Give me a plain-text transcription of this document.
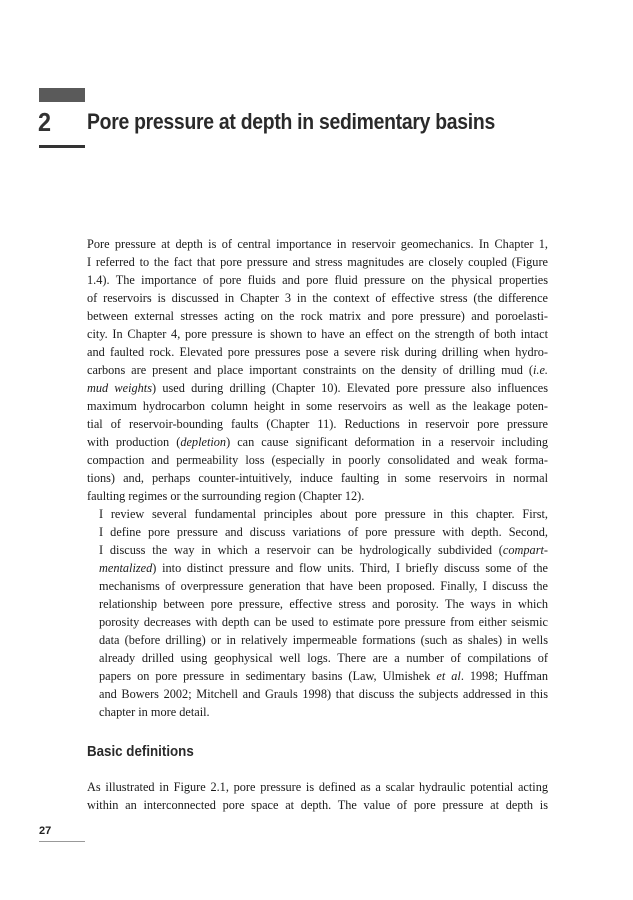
2 Pore pressure at depth in sedimentary basins

Pore pressure at depth is of central importance in reservoir geomechanics. In Chapter 1,
I referred to the fact that pore pressure and stress magnitudes are closely coupled (Figure
1.4). The importance of pore fluids and pore fluid pressure on the physical properties
of reservoirs is discussed in Chapter 3 in the context of effective stress (the difference
between external stresses acting on the rock matrix and pore pressure) and poroelasti-
city. In Chapter 4, pore pressure is shown to have an effect on the strength of both intact
and faulted rock. Elevated pore pressures pose a severe risk during drilling when hydro-
carbons are present and place important constraints on the density of drilling mud (i.e.
mud weights) used during drilling (Chapter 10). Elevated pore pressure also influences
maximum hydrocarbon column height in some reservoirs as well as the leakage poten-
tial of reservoir-bounding faults (Chapter 11). Reductions in reservoir pore pressure
with production (depletion) can cause significant deformation in a reservoir including
compaction and permeability loss (especially in poorly consolidated and weak forma-
tions) and, perhaps counter-intuitively, induce faulting in some reservoirs in normal
faulting regimes or the surrounding region (Chapter 12).

I review several fundamental principles about pore pressure in this chapter. First,
I define pore pressure and discuss variations of pore pressure with depth. Second,
I discuss the way in which a reservoir can be hydrologically subdivided (compart-
mentalized) into distinct pressure and flow units. Third, I briefly discuss some of the
mechanisms of overpressure generation that have been proposed. Finally, I discuss the
relationship between pore pressure, effective stress and porosity. The ways in which
porosity decreases with depth can be used to estimate pore pressure from either seismic
data (before drilling) or in relatively impermeable formations (such as shales) in wells
already drilled using geophysical well logs. There are a number of compilations of
papers on pore pressure in sedimentary basins (Law, Ulmishek et al. 1998; Huffman
and Bowers 2002; Mitchell and Grauls 1998) that discuss the subjects addressed in this
chapter in more detail.

Basic definitions
As illustrated in Figure 2.1, pore pressure is defined as a scalar hydraulic potential acting
within an interconnected pore space at depth. The value of pore pressure at depth is
27
